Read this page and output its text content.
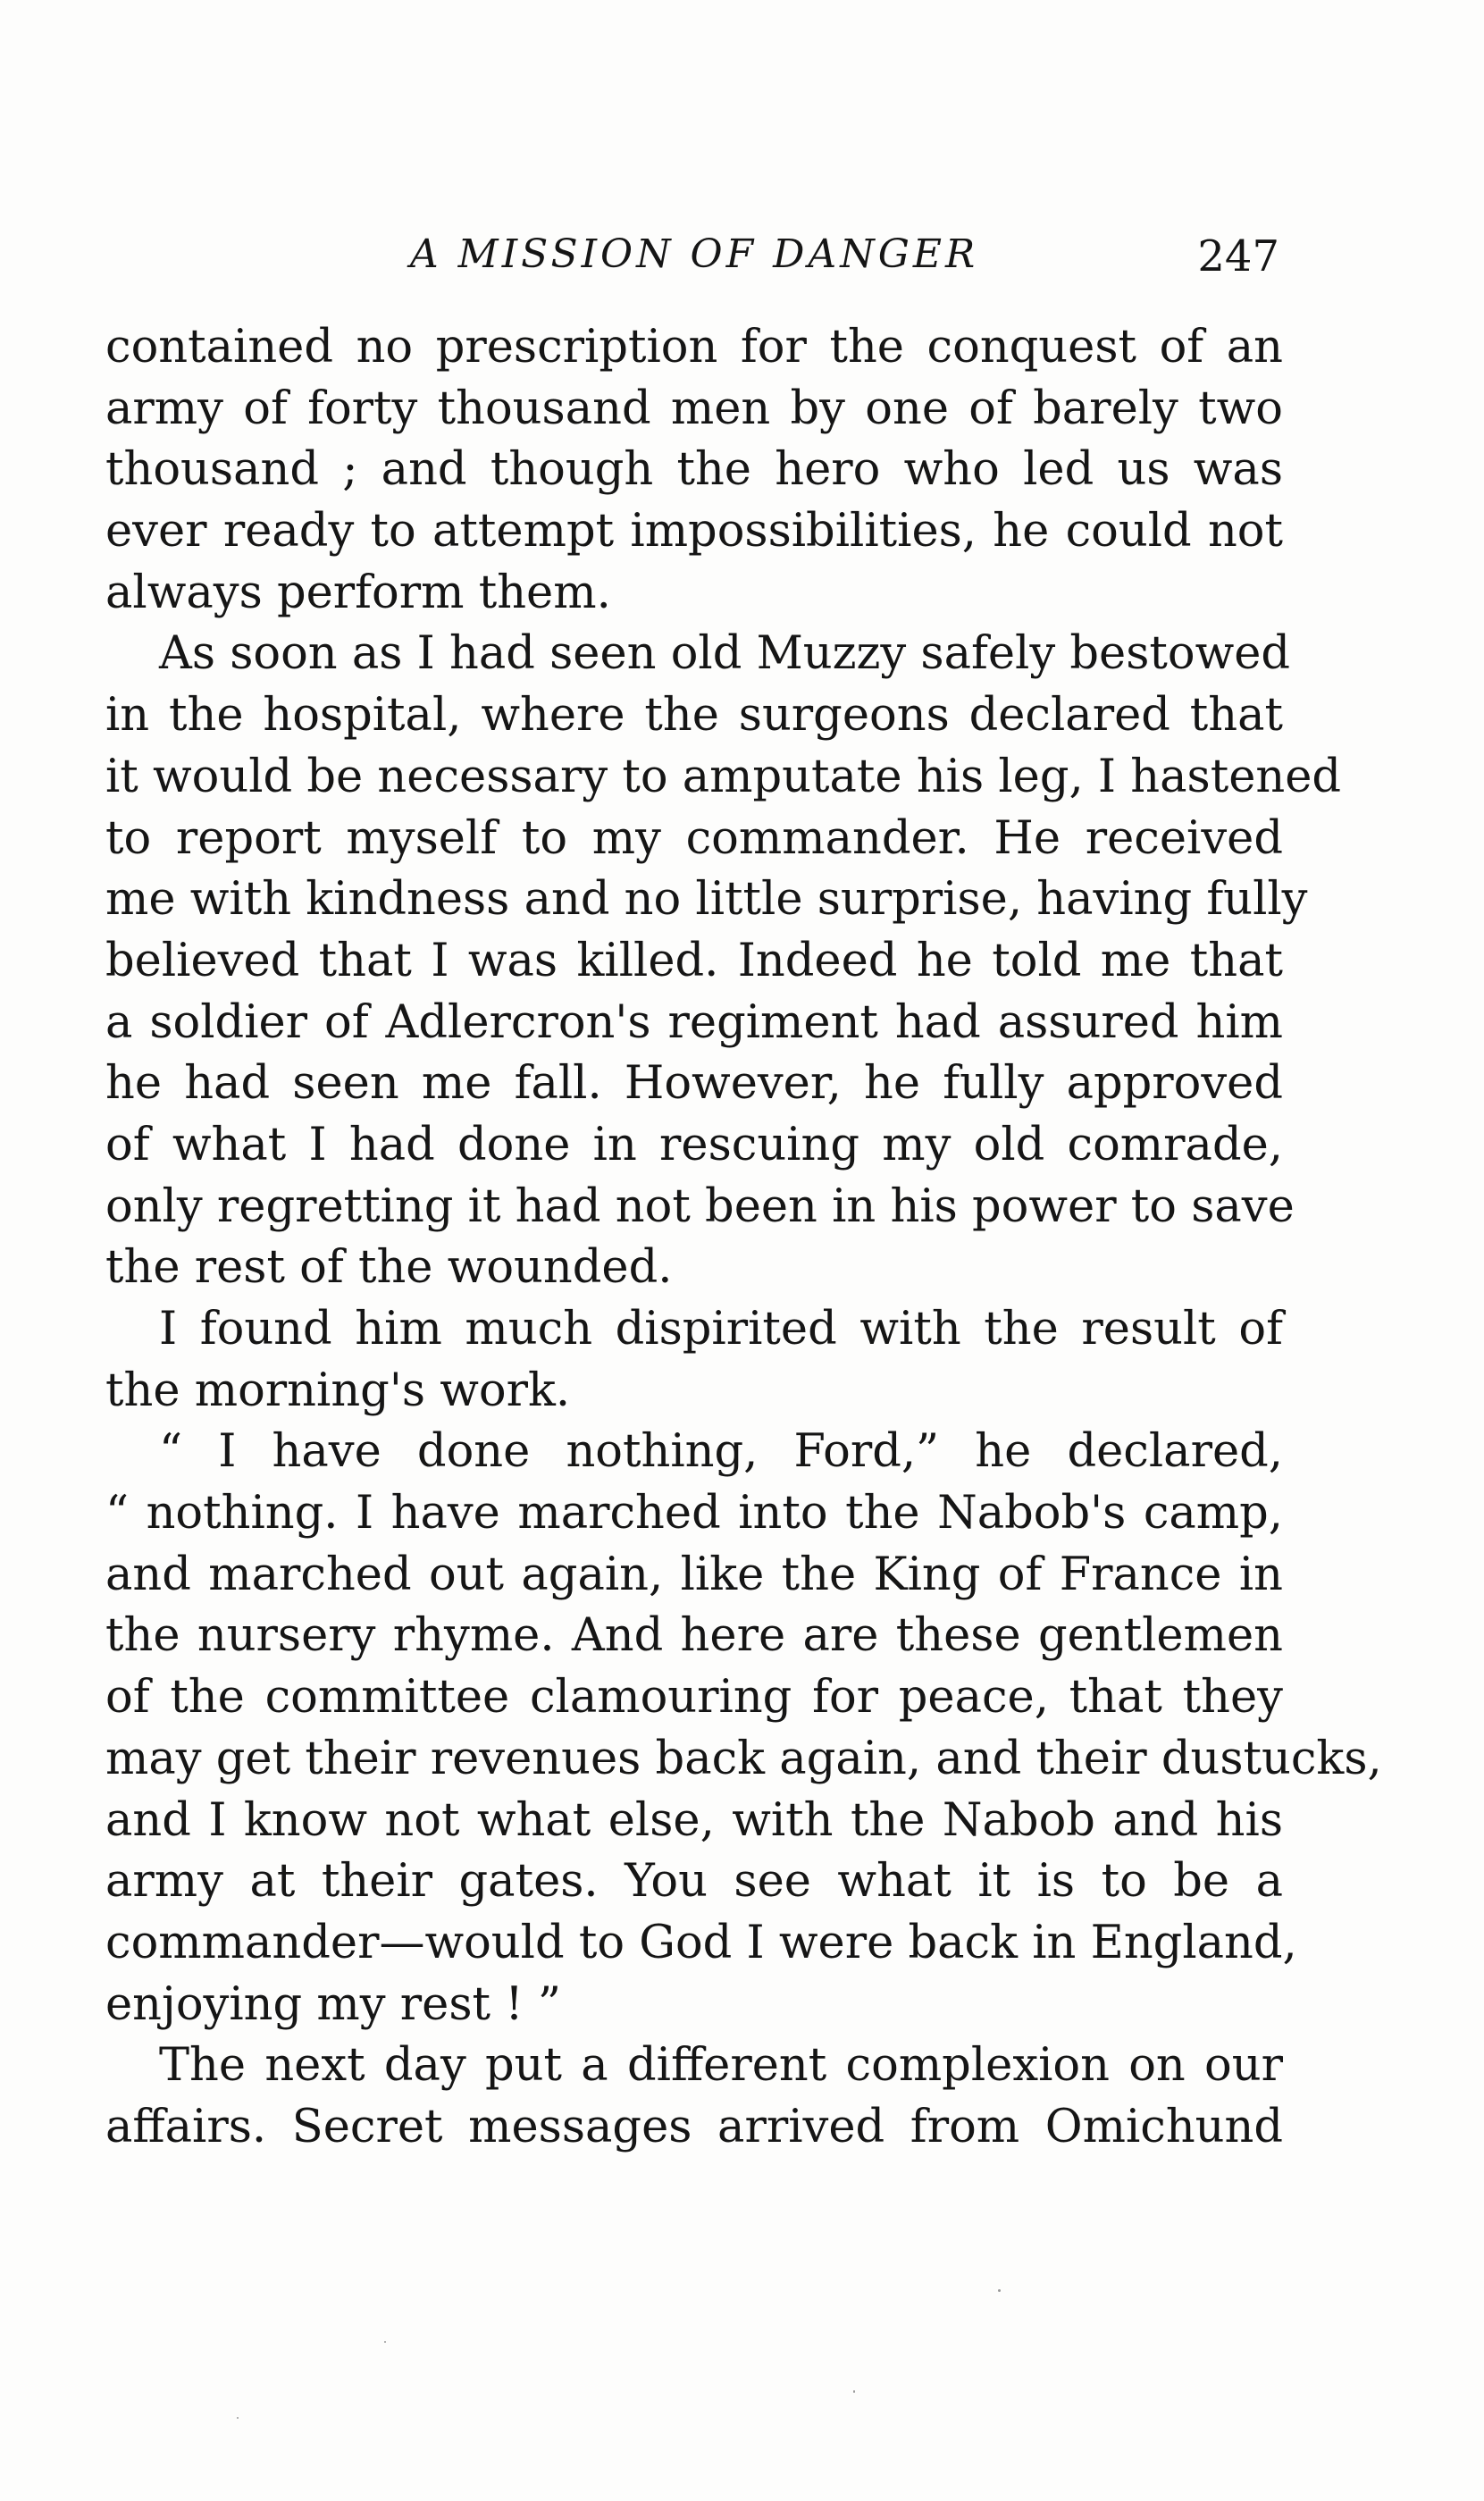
A MISSION OF DANGER	247
contained no prescription for the conquest of an
army of forty thousand men by one of barely two
thousand ; and though the hero who led us was
ever ready to attempt impossibilities, he could not
always perform them.
As soon as I had seen old Muzzy safely bestowed
in the hospital, where the surgeons declared that
it would be necessary to amputate his leg, I hastened
to report myself to my commander. He received
me with kindness and no little surprise, having fully
believed that I was killed. Indeed he told me that
a soldier of Adlercron's regiment had assured him
he had seen me fall. However, he fully approved
of what I had done in rescuing my old comrade,
only regretting it had not been in his power to save
the rest of the wounded.
I found him much dispirited with the result of
the morning's work.
“ I have done nothing, Ford,” he declared,
“ nothing. I have marched into the Nabob's camp,
and marched out again, like the King of France in
the nursery rhyme. And here are these gentlemen
of the committee clamouring for peace, that they
may get their revenues back again, and their dustucks,
and I know not what else, with the Nabob and his
army at their gates. You see what it is to be a
commander—would to God I were back in England,
enjoying my rest ! ”
The next day put a different complexion on our
affairs. Secret messages arrived from Omichund
